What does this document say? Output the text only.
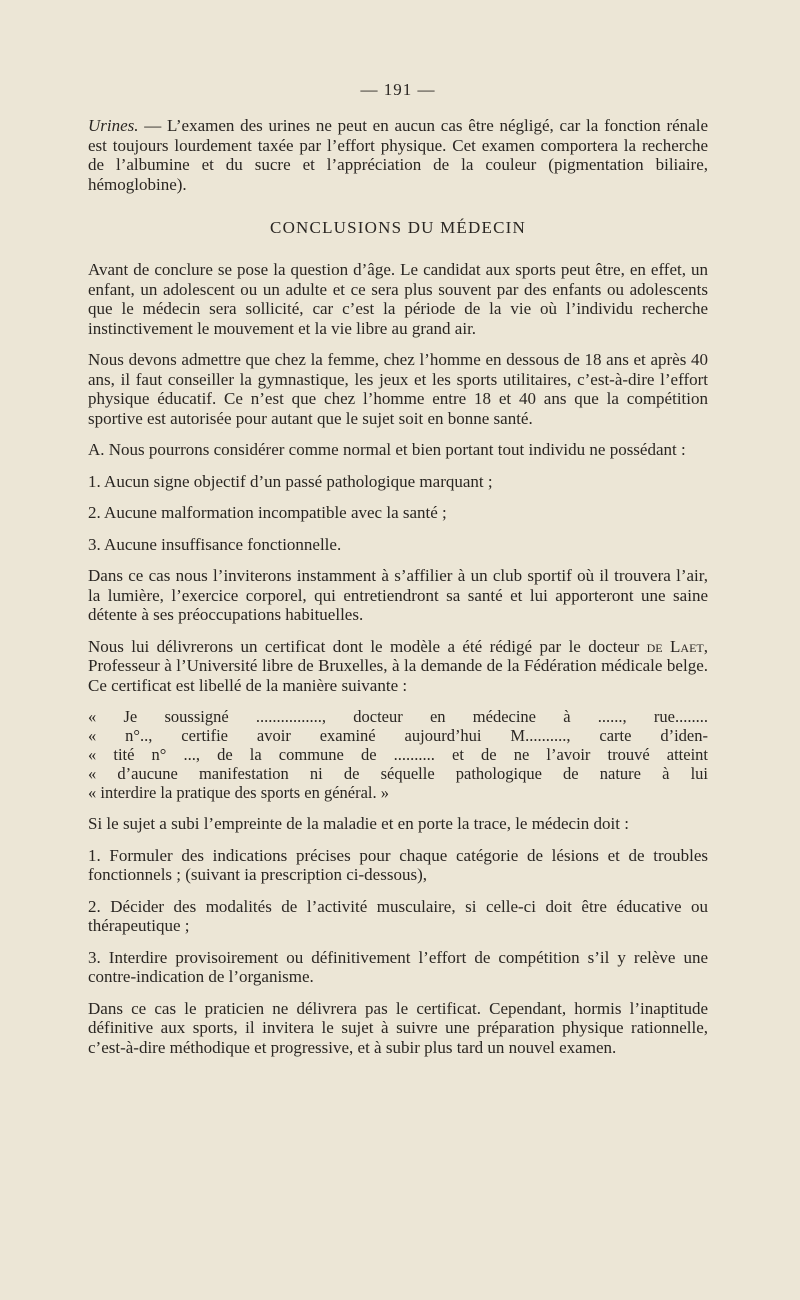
— 191 —

Urines. — L’examen des urines ne peut en aucun cas être négligé, car la fonction rénale est toujours lourdement taxée par l’effort physique. Cet examen comportera la recherche de l’albumine et du sucre et l’appréciation de la couleur (pigmentation biliaire, hémoglobine).

CONCLUSIONS DU MÉDECIN

Avant de conclure se pose la question d’âge. Le candidat aux sports peut être, en effet, un enfant, un adolescent ou un adulte et ce sera plus souvent par des enfants ou adolescents que le médecin sera sollicité, car c’est la période de la vie où l’individu recherche instinctivement le mouvement et la vie libre au grand air.

Nous devons admettre que chez la femme, chez l’homme en dessous de 18 ans et après 40 ans, il faut conseiller la gymnastique, les jeux et les sports utilitaires, c’est-à-dire l’effort physique éducatif. Ce n’est que chez l’homme entre 18 et 40 ans que la compétition sportive est autorisée pour autant que le sujet soit en bonne santé.

A. Nous pourrons considérer comme normal et bien portant tout individu ne possédant :

1. Aucun signe objectif d’un passé pathologique marquant ;

2. Aucune malformation incompatible avec la santé ;

3. Aucune insuffisance fonctionnelle.

Dans ce cas nous l’inviterons instamment à s’affilier à un club sportif où il trouvera l’air, la lumière, l’exercice corporel, qui entretiendront sa santé et lui apporteront une saine détente à ses préoccupations habituelles.

Nous lui délivrerons un certificat dont le modèle a été rédigé par le docteur de Laet, Professeur à l’Université libre de Bruxelles, à la demande de la Fédération médicale belge. Ce certificat est libellé de la manière suivante :

« Je soussigné ................, docteur en médecine à ......, rue........
« n°.., certifie avoir examiné aujourd’hui M.........., carte d’iden-
« tité n° ..., de la commune de .......... et de ne l’avoir trouvé atteint
« d’aucune manifestation ni de séquelle pathologique de nature à lui
« interdire la pratique des sports en général. »

Si le sujet a subi l’empreinte de la maladie et en porte la trace, le médecin doit :

1. Formuler des indications précises pour chaque catégorie de lésions et de troubles fonctionnels ; (suivant ia prescription ci-dessous),

2. Décider des modalités de l’activité musculaire, si celle-ci doit être éducative ou thérapeutique ;

3. Interdire provisoirement ou définitivement l’effort de compétition s’il y relève une contre-indication de l’organisme.

Dans ce cas le praticien ne délivrera pas le certificat. Cependant, hormis l’inaptitude définitive aux sports, il invitera le sujet à suivre une préparation physique rationnelle, c’est-à-dire méthodique et progressive, et à subir plus tard un nouvel examen.
